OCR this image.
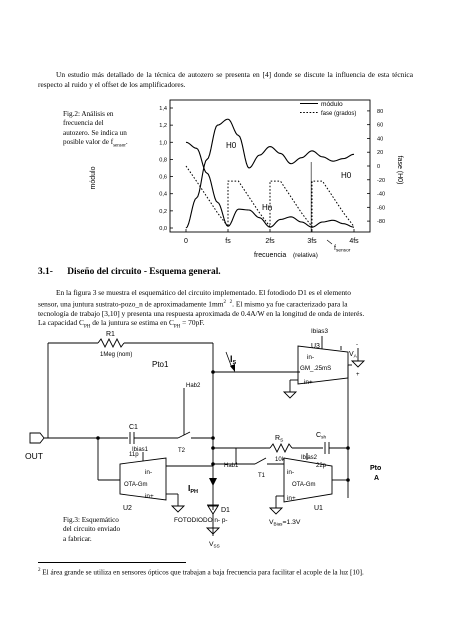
Un estudio más detallado de la técnica de autozero se presenta en [4] donde se discute la influencia de esta técnica respecto al ruido y el offset de los amplificadores.
0,0
0,2
0,4
0,6
0,8
1,0
1,2
1,4
-80
-60
-40
-20
0
20
40
60
80
0	fs	2fs	3fs	4fs
módulo
fase (grados)
H0
H0
Hn
módulo	fase (H0)
frecuencia (relativa)
$f_{sensor}$
Fig.2: Análisis en
frecuencia del
autozero. Se indica un
posible valor de $f_{sensor}$.
3.1- Diseño del circuito - Esquema general.
En la figura 3 se muestra el esquemático del circuito implementado. El fotodiodo D1 es el elemento
sensor, una juntura sustrato-pozo_n de aproximadamente $1mm^2$ $^2$. El mismo ya fue caracterizado para la
tecnología de trabajo [3,10] y presenta una respuesta aproximada de 0.4A/W en la longitud de onda de interés.
La capacidad $C_{PH}$ de la juntura se estima en $C_{PH} = 70pF$.
R1
1Meg (nom)
Pto1
$I_S$
Ibias3
U3
in-
GM_.25mS
in+
-
$V_A$
+
Hab2
C1
11p
T2
OUT
$R_S$
10k
$C_{sh}$
22p	Pto
A
Hab1
Ibias1
Ibias2
in-
OTA-Gm
in+
U2
in-
OTA-Gm
in+
U1
T1
$I_{PH}$
D1
FOTODIODO n- p-
$V_{SS}$
$V_{Bias}=1.3V$
Fig.3: Esquemático
del circuito enviado
a fabricar.
$^2$ El área grande se utiliza en sensores ópticos que trabajan a baja frecuencia para facilitar el acople de la luz [10].
